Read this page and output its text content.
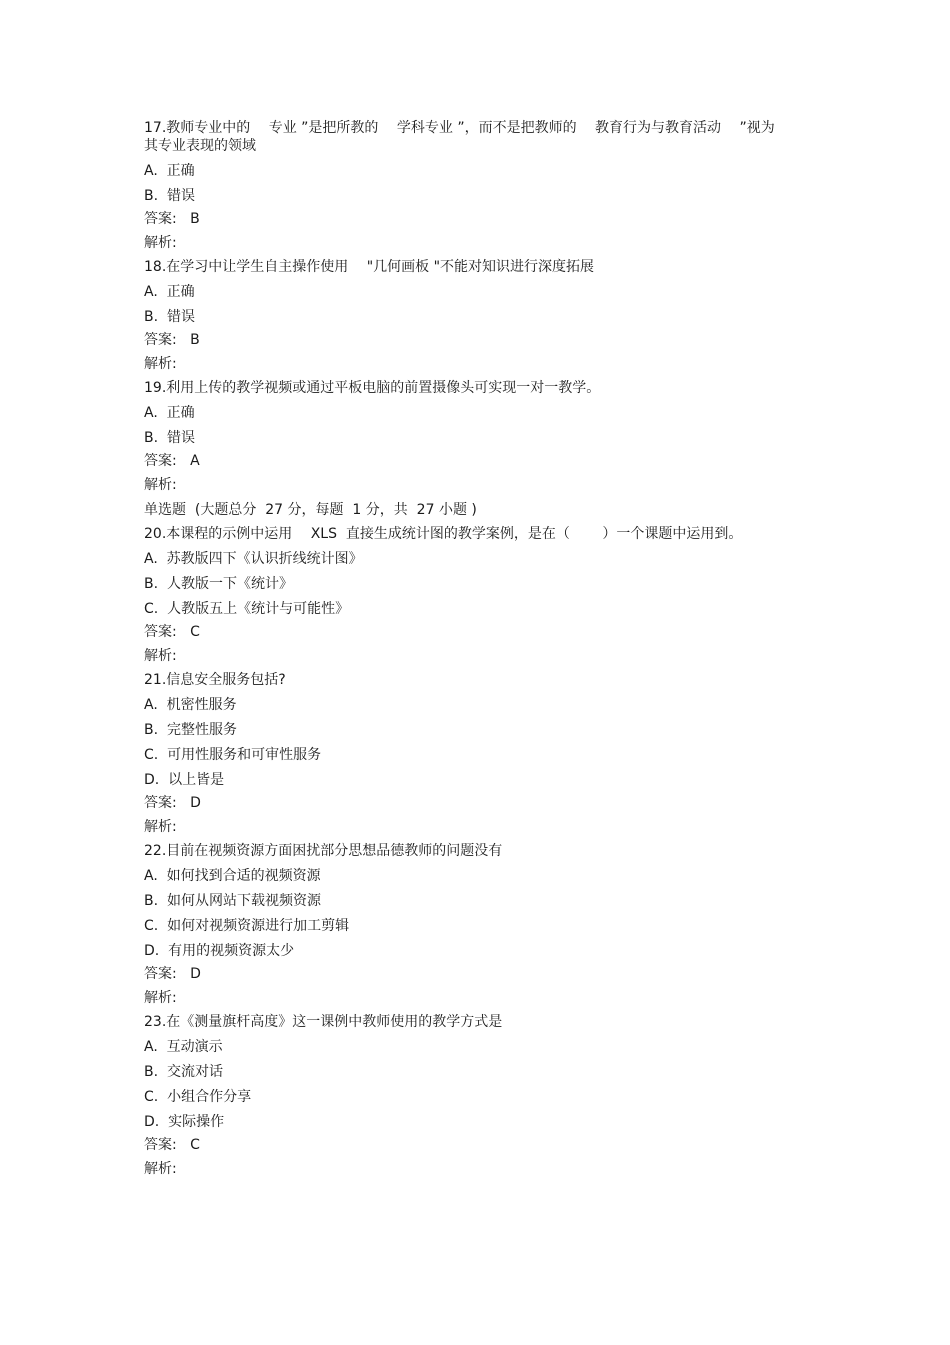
17.教师专业中的　 专业 ”是把所教的　 学科专业 ”，而不是把教师的　 教育行为与教育活动　 ”视为

其专业表现的领域

A.  正确

B.  错误

答案:   B

解析:

18.在学习中让学生自主操作使用　 "几何画板 "不能对知识进行深度拓展

A.  正确

B.  错误

答案:   B

解析:

19.利用上传的教学视频或通过平板电脑的前置摄像头可实现一对一教学。

A.  正确

B.  错误

答案:   A

解析:

单选题  (大题总分  27 分，每题  1 分，共  27 小题 )

20.本课程的示例中运用　 XLS  直接生成统计图的教学案例，是在（　　 ）一个课题中运用到。

A.  苏教版四下《认识折线统计图》

B.  人教版一下《统计》

C.  人教版五上《统计与可能性》

答案:   C

解析:

21.信息安全服务包括?

A.  机密性服务

B.  完整性服务

C.  可用性服务和可审性服务

D.  以上皆是

答案:   D

解析:

22.目前在视频资源方面困扰部分思想品德教师的问题没有

A.  如何找到合适的视频资源

B.  如何从网站下载视频资源

C.  如何对视频资源进行加工剪辑

D.  有用的视频资源太少

答案:   D

解析:

23.在《测量旗杆高度》这一课例中教师使用的教学方式是

A.  互动演示

B.  交流对话

C.  小组合作分享

D.  实际操作

答案:   C

解析:
